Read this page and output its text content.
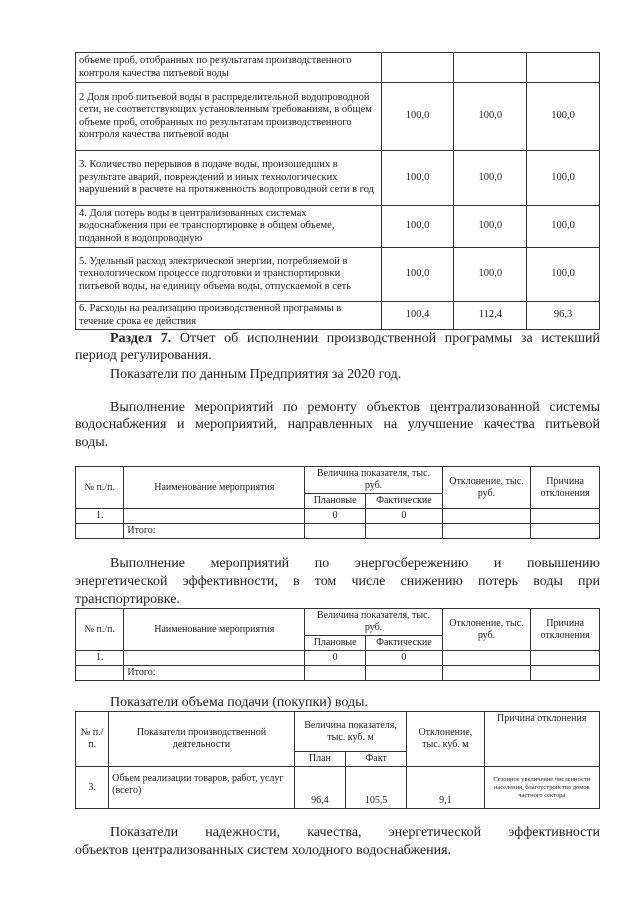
объеме проб, отобранных по результатам производственного контроля качества питьевой воды			
2 Доля проб питьевой воды в распределительной водопроводной сети, не соответствующих установленным требованиям, в общем объеме проб, отобранных по результатам производственного контроля качества питьевой воды	100,0	100,0	100,0
3. Количество перерывов в подаче воды, произошедших в результате аварий, повреждений и иных технологических нарушений в расчете на протяженность водопроводной сети в год	100,0	100,0	100,0
4. Доля потерь воды в централизованных системах водоснабжения при ее транспортировке в общем объеме, поданной в водопроводную	100,0	100,0	100,0
5. Удельный расход электрической энергии, потребляемой в технологическом процессе подготовки и транспортировки питьевой воды, на единицу объема воды, отпускаемой в сеть	100,0	100,0	100,0
6. Расходы на реализацию производственной программы в течение срока ее действия	100,4	112,4	96,3
Раздел 7. Отчет об исполнении производственной программы за истекший
период регулирования.
Показатели по данным Предприятия за 2020 год.
Выполнение мероприятий по ремонту объектов централизованной системы
водоснабжения и мероприятий, направленных на улучшение качества питьевой
воды.
№ п./п.	Наименование мероприятия	Величина показателя, тыс. руб.		Отклонение, тыс. руб.	Причина отклонения
		Плановые	Фактические		
1.		0	0		
	Итого:				
Выполнение мероприятий по энергосбережению и повышению
энергетической эффективности, в том числе снижению потерь воды при
транспортировке.
№ п./п.	Наименование мероприятия	Величина показателя, тыс. руб.		Отклонение, тыс. руб.	Причина отклонения
		Плановые	Фактические		
1.		0	0		
	Итого:				
Показатели объема подачи (покупки) воды.
№ п./п.	Показатели производственной деятельности	Величина показателя, тыс. куб. м		Отклонение, тыс. куб. м	Причина отклонения
		План	Факт		
3.	Объем реализации товаров, работ, услуг (всего)	96,4	105,5	9,1	Сезонное увеличение численности населения, благоустройство домов частного сектора
Показатели надежности, качества, энергетической эффективности
объектов централизованных систем холодного водоснабжения.
